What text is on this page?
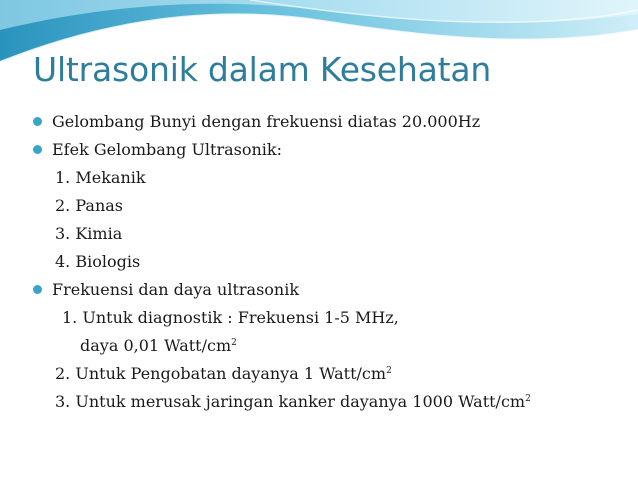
Ultrasonik dalam Kesehatan
Gelombang Bunyi dengan frekuensi diatas 20.000Hz
Efek Gelombang Ultrasonik:
1. Mekanik
2. Panas
3. Kimia
4. Biologis
Frekuensi dan daya ultrasonik
1. Untuk diagnostik : Frekuensi 1-5 MHz,
daya 0,01 Watt/$cm^2$
2. Untuk Pengobatan dayanya 1 Watt/$cm^2$
3. Untuk merusak jaringan kanker dayanya 1000 Watt/$cm^2$
